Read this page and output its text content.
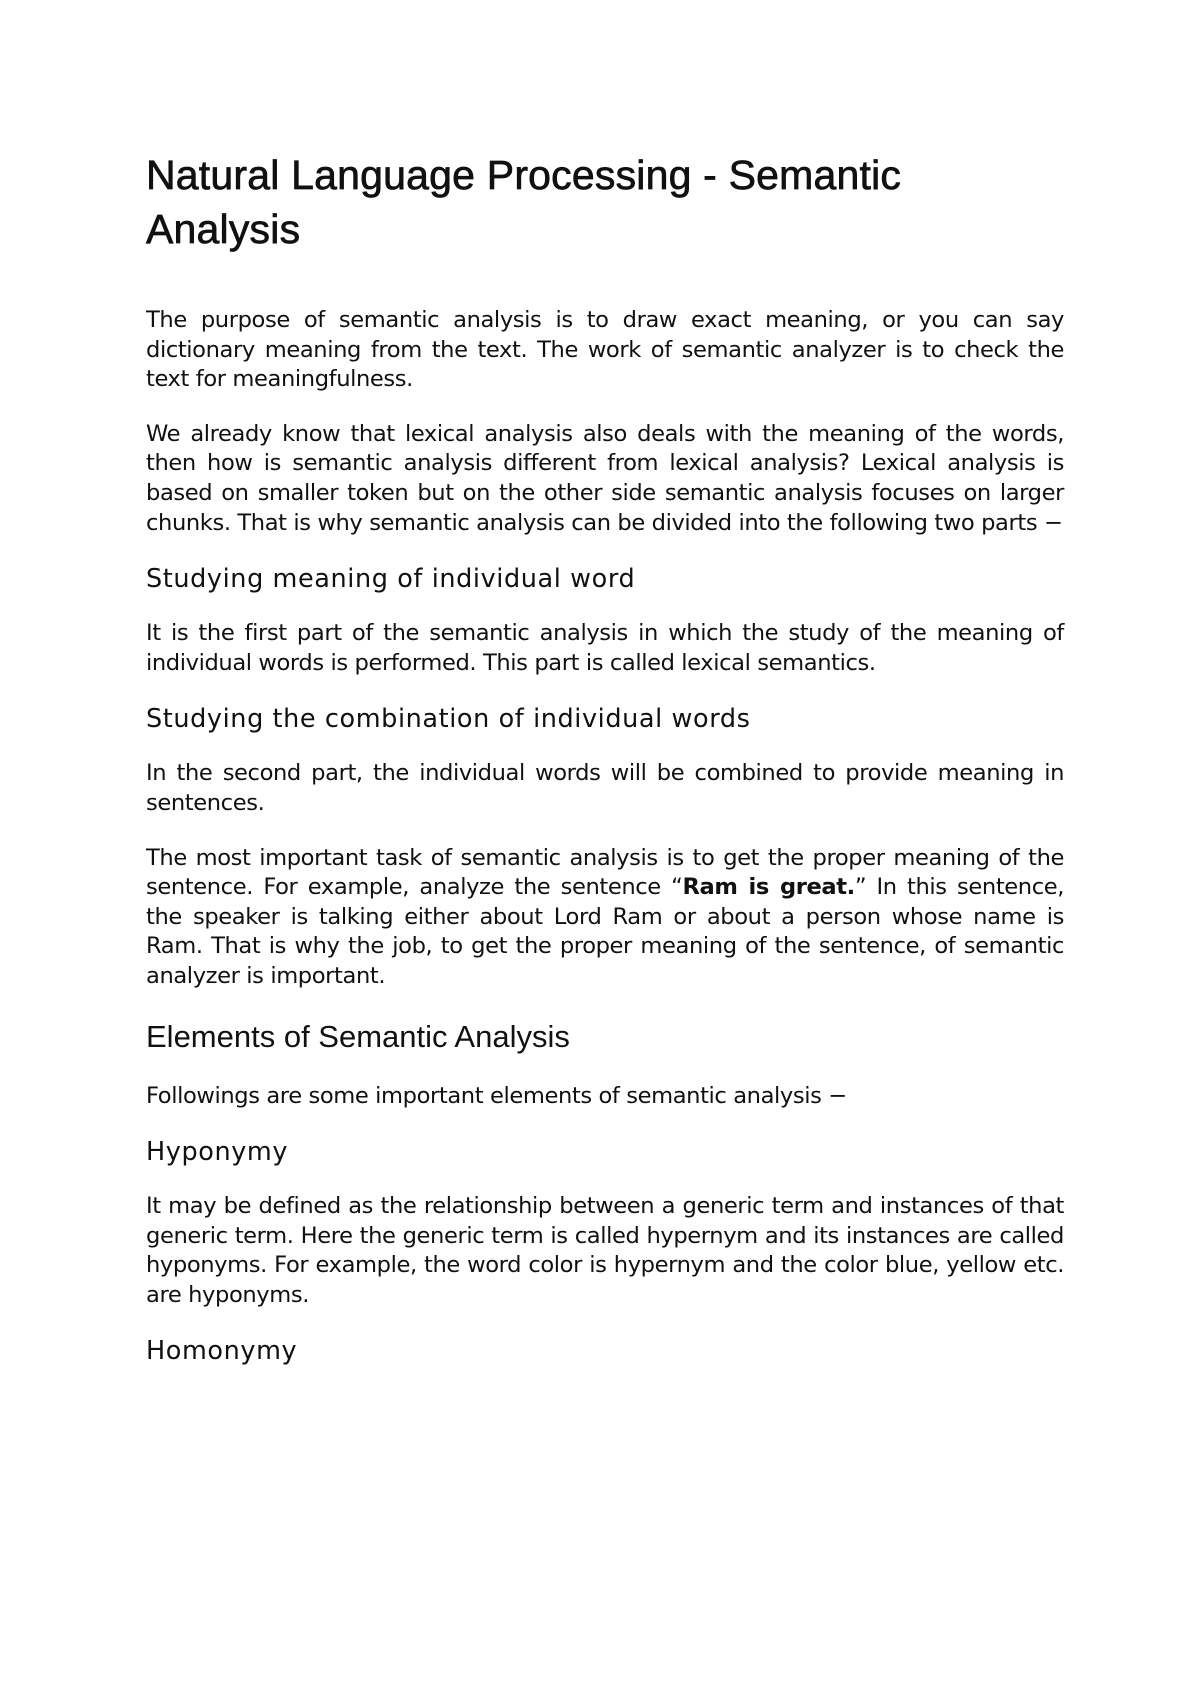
Natural Language Processing - Semantic Analysis

The purpose of semantic analysis is to draw exact meaning, or you can say dictionary meaning from the text. The work of semantic analyzer is to check the text for meaningfulness.

We already know that lexical analysis also deals with the meaning of the words, then how is semantic analysis different from lexical analysis? Lexical analysis is based on smaller token but on the other side semantic analysis focuses on larger chunks. That is why semantic analysis can be divided into the following two parts −

Studying meaning of individual word

It is the first part of the semantic analysis in which the study of the meaning of individual words is performed. This part is called lexical semantics.

Studying the combination of individual words

In the second part, the individual words will be combined to provide meaning in sentences.

The most important task of semantic analysis is to get the proper meaning of the sentence. For example, analyze the sentence “Ram is great.” In this sentence, the speaker is talking either about Lord Ram or about a person whose name is Ram. That is why the job, to get the proper meaning of the sentence, of semantic analyzer is important.

Elements of Semantic Analysis

Followings are some important elements of semantic analysis −

Hyponymy

It may be defined as the relationship between a generic term and instances of that generic term. Here the generic term is called hypernym and its instances are called hyponyms. For example, the word color is hypernym and the color blue, yellow etc. are hyponyms.

Homonymy
